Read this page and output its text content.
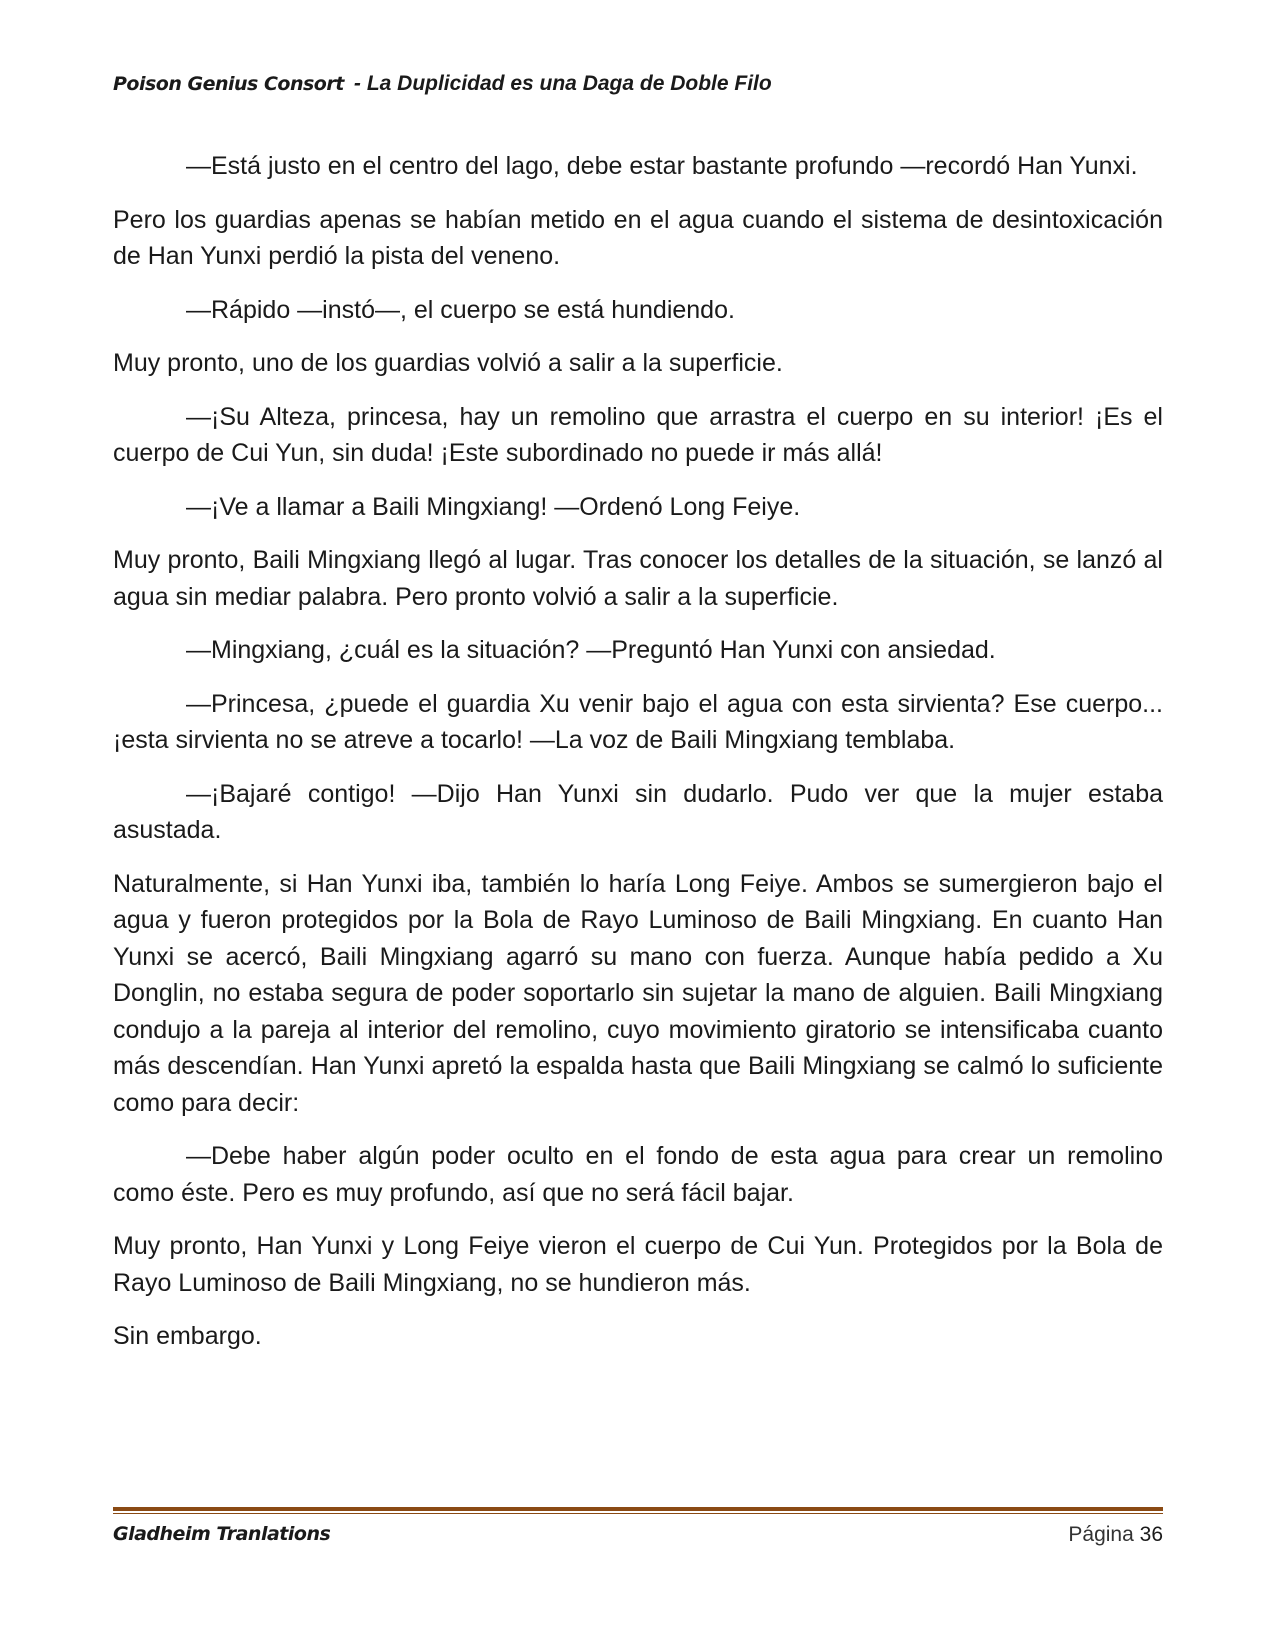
Poison Genius Consort - La Duplicidad es una Daga de Doble Filo

—Está justo en el centro del lago, debe estar bastante profundo —recordó Han Yunxi.

Pero los guardias apenas se habían metido en el agua cuando el sistema de desintoxicación de Han Yunxi perdió la pista del veneno.

—Rápido —instó—, el cuerpo se está hundiendo.

Muy pronto, uno de los guardias volvió a salir a la superficie.

—¡Su Alteza, princesa, hay un remolino que arrastra el cuerpo en su interior! ¡Es el cuerpo de Cui Yun, sin duda! ¡Este subordinado no puede ir más allá!

—¡Ve a llamar a Baili Mingxiang! —Ordenó Long Feiye.

Muy pronto, Baili Mingxiang llegó al lugar. Tras conocer los detalles de la situación, se lanzó al agua sin mediar palabra. Pero pronto volvió a salir a la superficie.

—Mingxiang, ¿cuál es la situación? —Preguntó Han Yunxi con ansiedad.

—Princesa, ¿puede el guardia Xu venir bajo el agua con esta sirvienta? Ese cuerpo... ¡esta sirvienta no se atreve a tocarlo! —La voz de Baili Mingxiang temblaba.

—¡Bajaré contigo! —Dijo Han Yunxi sin dudarlo. Pudo ver que la mujer estaba asustada.

Naturalmente, si Han Yunxi iba, también lo haría Long Feiye. Ambos se sumergieron bajo el agua y fueron protegidos por la Bola de Rayo Luminoso de Baili Mingxiang. En cuanto Han Yunxi se acercó, Baili Mingxiang agarró su mano con fuerza. Aunque había pedido a Xu Donglin, no estaba segura de poder soportarlo sin sujetar la mano de alguien. Baili Mingxiang condujo a la pareja al interior del remolino, cuyo movimiento giratorio se intensificaba cuanto más descendían. Han Yunxi apretó la espalda hasta que Baili Mingxiang se calmó lo suficiente como para decir:

—Debe haber algún poder oculto en el fondo de esta agua para crear un remolino como éste. Pero es muy profundo, así que no será fácil bajar.

Muy pronto, Han Yunxi y Long Feiye vieron el cuerpo de Cui Yun. Protegidos por la Bola de Rayo Luminoso de Baili Mingxiang, no se hundieron más.

Sin embargo.

Gladheim Tranlations	Página 36
